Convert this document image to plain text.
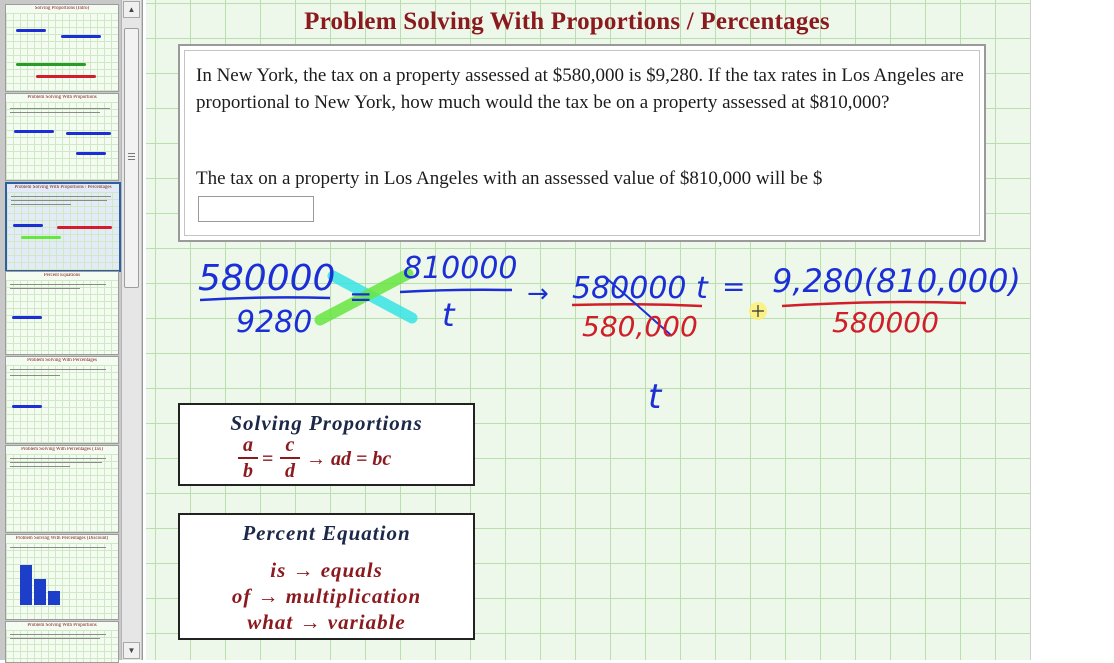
Solving Proportions (Intro)
Problem Solving With Proportions
Problem Solving With Proportions / Percentages
Percent Equations
Problem Solving With Percentages
Problem Solving With Percentages (Tax)
Problem Solving With Percentages (Discount)
Problem Solving With Proportions
▲
▼
Problem Solving With Proportions / Percentages
In New York, the tax on a property assessed at $580,000 is $9,280. If the tax rates in Los Angeles are proportional to New York, how much would the tax be on a property assessed at $810,000?
The tax on a property in Los Angeles with an assessed value of $810,000 will be $
Solving Proportions
a
b
=
c
d
→ ad = bc
Percent Equation
is → equals
of → multiplication
what → variable
580000
9280
=
810000
t
→ 580000 t = 9,280(810,000)
t
580,000	580000
